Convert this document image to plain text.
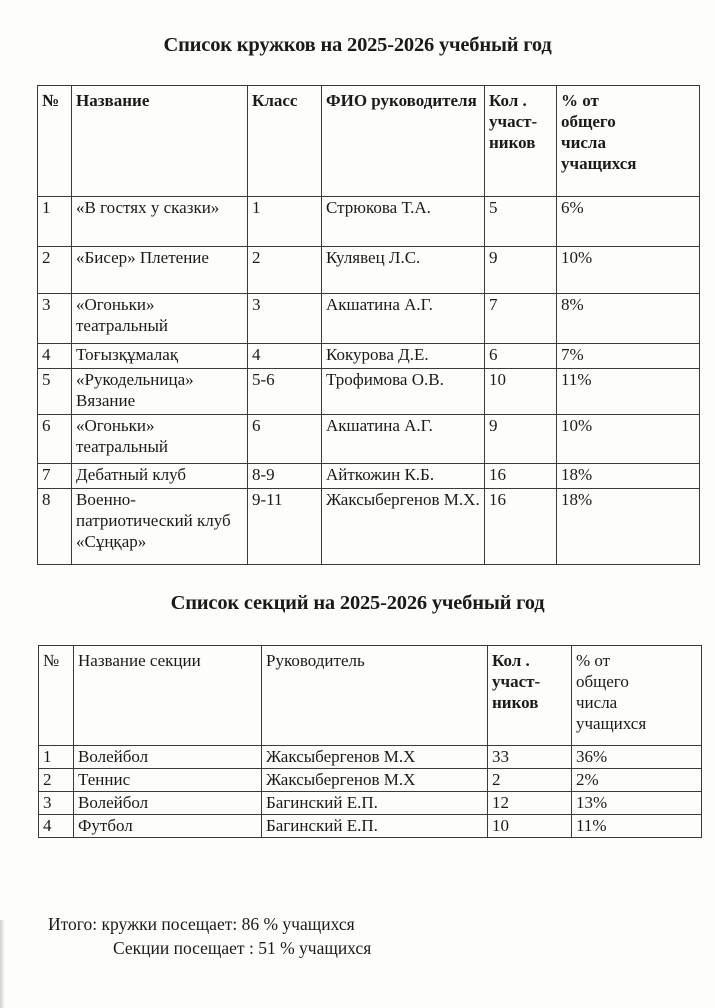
Список кружков на 2025-2026 учебный год
№	Название	Класс	ФИО руководителя	Кол .
участ-
ников	% от
общего
числа
учащихся
1	«В гостях у сказки»	1	Стрюкова Т.А.	5	6%
2	«Бисер» Плетение	2	Кулявец Л.С.	9	10%
3	«Огоньки» театральный	3	Акшатина А.Г.	7	8%
4	Тоғызқұмалақ	4	Кокурова Д.Е.	6	7%
5	«Рукодельница» Вязание	5-6	Трофимова О.В.	10	11%
6	«Огоньки» театральный	6	Акшатина А.Г.	9	10%
7	Дебатный клуб	8-9	Айткожин К.Б.	16	18%
8	Военно-патриотический клуб «Сұңқар»	9-11	Жаксыбергенов М.Х.	16	18%
Список секций на 2025-2026 учебный год
№	Название секции	Руководитель	Кол .
участ-
ников	% от
общего
числа
учащихся
1	Волейбол	Жаксыбергенов М.Х	33	36%
2	Теннис	Жаксыбергенов М.Х	2	2%
3	Волейбол	Багинский Е.П.	12	13%
4	Футбол	Багинский Е.П.	10	11%
Итого: кружки посещает: 86 % учащихся
Секции посещает : 51 % учащихся
